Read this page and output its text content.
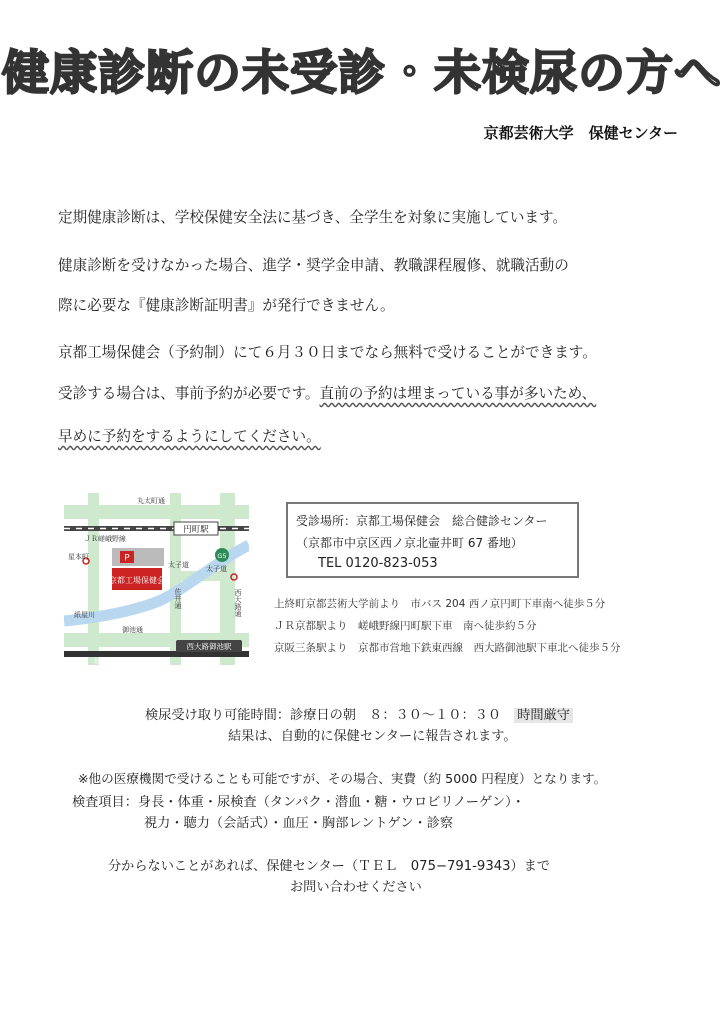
健康診断の未受診・未検尿の方へ
京都芸術大学　保健センター
定期健康診断は、学校保健安全法に基づき、全学生を対象に実施しています。
健康診断を受けなかった場合、進学・奨学金申請、教職課程履修、就職活動の
際に必要な『健康診断証明書』が発行できません。
京都工場保健会（予約制）にて６月３０日までなら無料で受けることができます。
受診する場合は、事前予約が必要です。直前の予約は埋まっている事が多いため、
早めに予約をするようにしてください。
P
京都工場保健会
円町駅
西大路御池駅
G5
丸太町通
ＪＲ嵯峨野線
星本町
太子道 太子道
紙屋川
御池通
地下鉄東西線
佐井通	西大路通
受診場所：京都工場保健会　総合健診センター
（京都市中京区西ノ京北壷井町 67 番地）
TEL 0120-823-053
上終町京都芸術大学前より　市バス 204 西ノ京円町下車南へ徒歩５分
ＪＲ京都駅より　嵯峨野線円町駅下車　南へ徒歩約５分
京阪三条駅より　京都市営地下鉄東西線　西大路御池駅下車北へ徒歩５分
検尿受け取り可能時間：診療日の朝　８：３０〜１０：３０　 時間厳守
結果は、自動的に保健センターに報告されます。
※他の医療機関で受けることも可能ですが、その場合、実費（約 5000 円程度）となります。
検査項目：身長・体重・尿検査（タンパク・潜血・糖・ウロビリノーゲン）・
視力・聴力（会話式）・血圧・胸部レントゲン・診察
分からないことがあれば、保健センター（ＴＥＬ　075−791-9343）まで
お問い合わせください
